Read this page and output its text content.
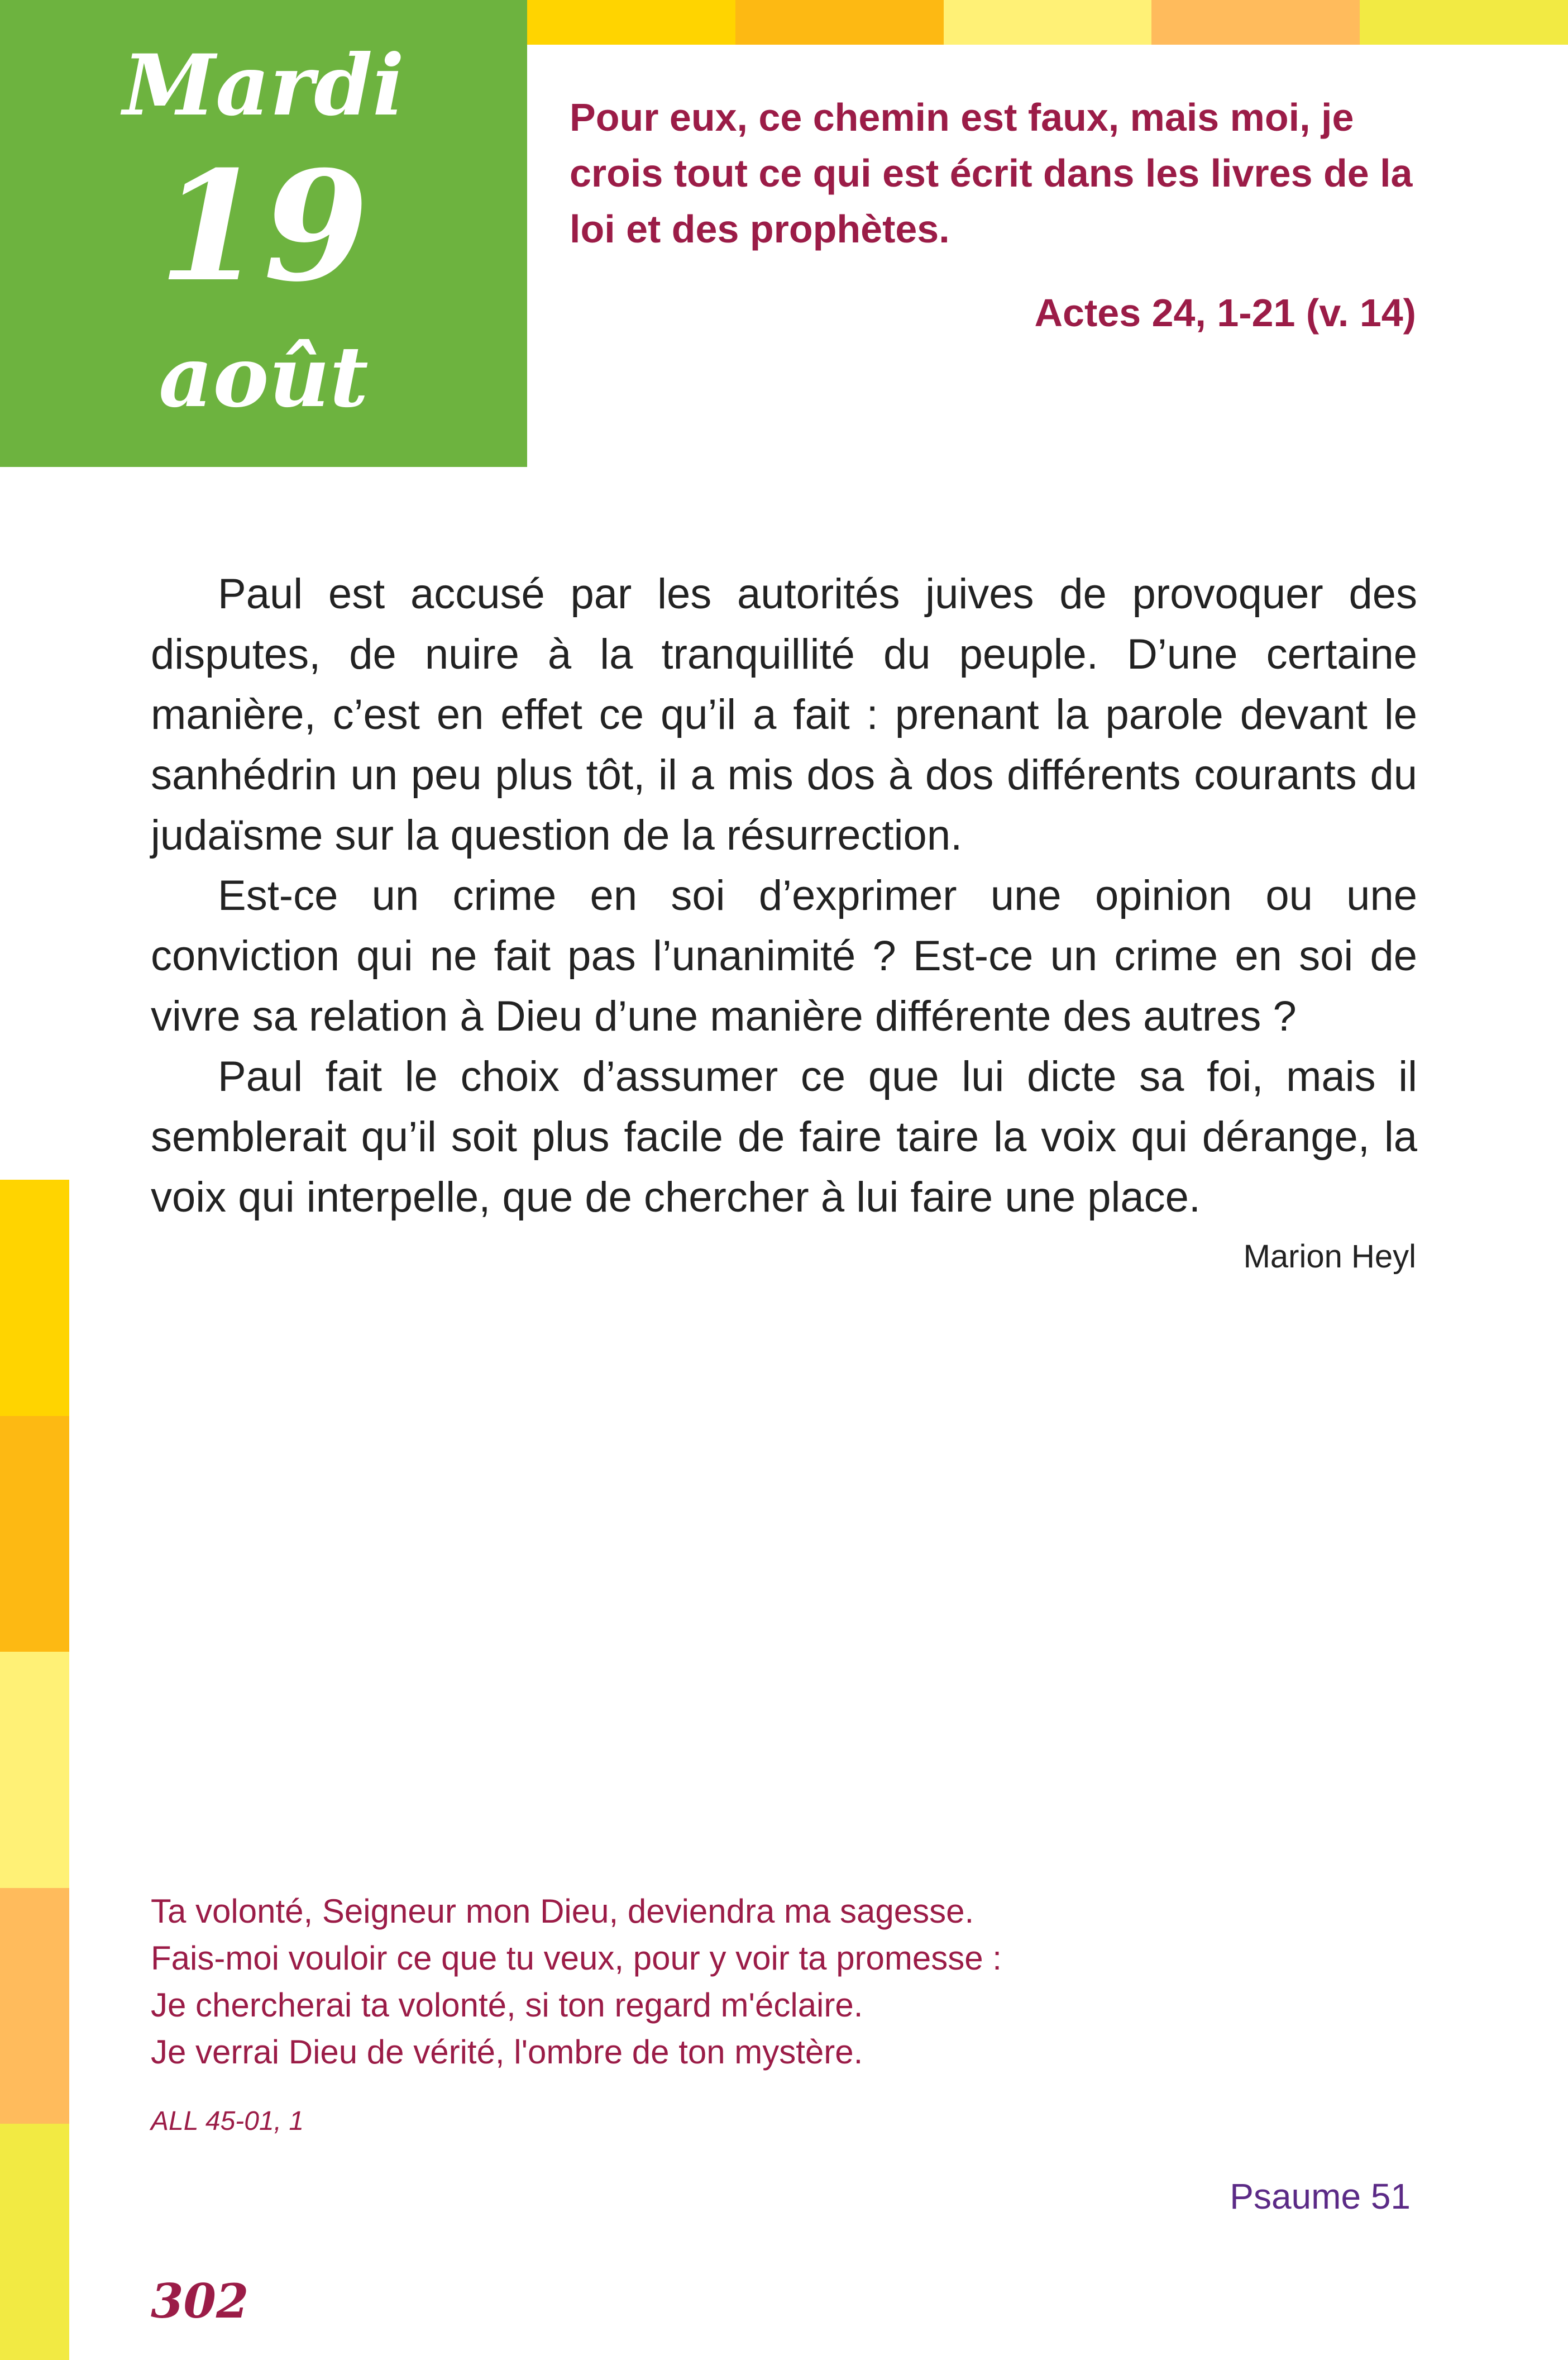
Mardi
19
août
Pour eux, ce chemin est faux, mais moi, je crois tout ce qui est écrit dans les livres de la loi et des prophètes.
Actes 24, 1-21 (v. 14)

Paul est accusé par les autorités juives de provoquer des disputes, de nuire à la tranquillité du peuple. D’une certaine manière, c’est en effet ce qu’il a fait : prenant la parole devant le sanhédrin un peu plus tôt, il a mis dos à dos différents courants du judaïsme sur la question de la résurrection.

Est-ce un crime en soi d’exprimer une opinion ou une conviction qui ne fait pas l’unanimité ? Est-ce un crime en soi de vivre sa relation à Dieu d’une manière différente des autres ?

Paul fait le choix d’assumer ce que lui dicte sa foi, mais il semblerait qu’il soit plus facile de faire taire la voix qui dérange, la voix qui interpelle, que de chercher à lui faire une place.

Marion Heyl
Ta volonté, Seigneur mon Dieu, deviendra ma sagesse.
Fais-moi vouloir ce que tu veux, pour y voir ta promesse :
Je chercherai ta volonté, si ton regard m'éclaire.
Je verrai Dieu de vérité, l'ombre de ton mystère.
ALL 45-01, 1
Psaume 51
302
